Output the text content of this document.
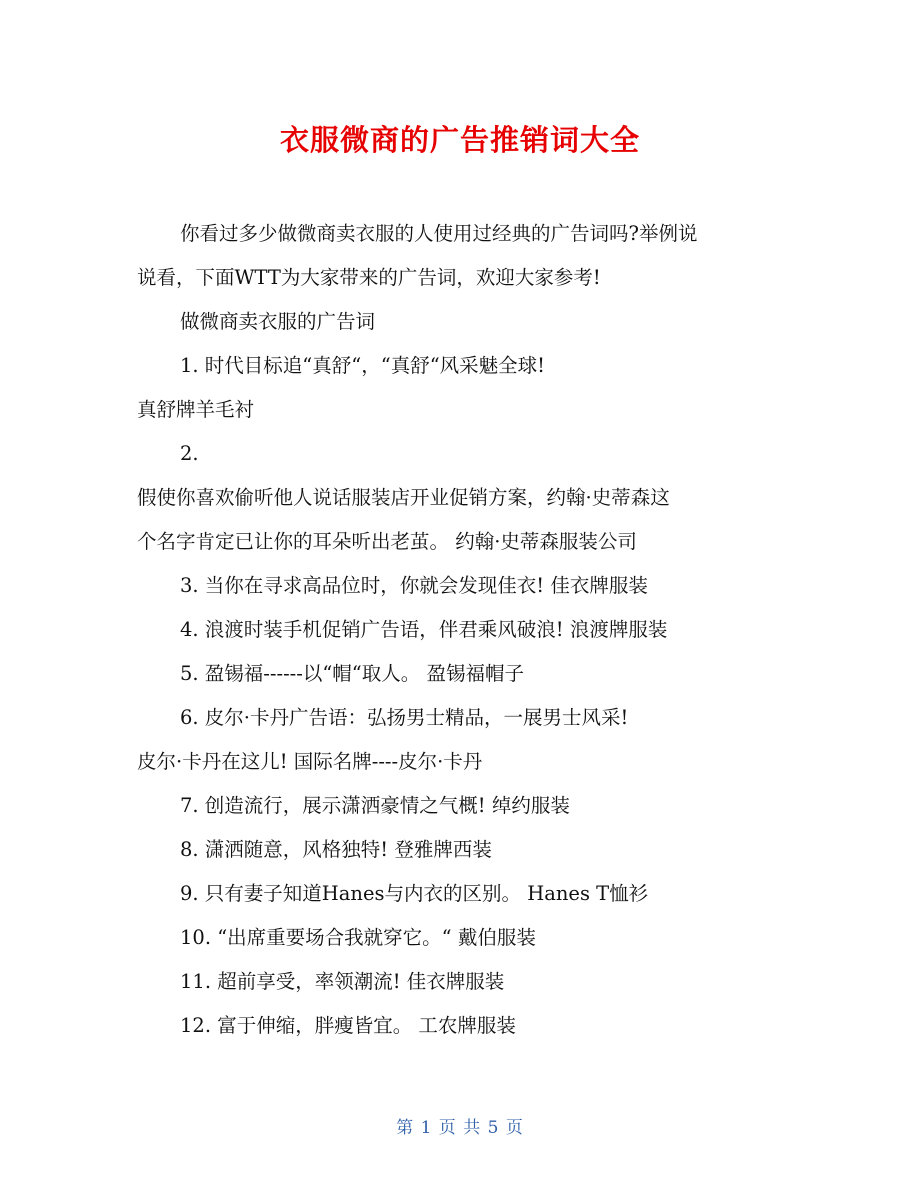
衣服微商的广告推销词大全

你看过多少做微商卖衣服的人使用过经典的广告词吗?举例说

说看，下面WTT为大家带来的广告词，欢迎大家参考!

做微商卖衣服的广告词

1. 时代目标追“真舒“，“真舒“风采魅全球!

真舒牌羊毛衬

2.

假使你喜欢偷听他人说话服装店开业促销方案，约翰·史蒂森这

个名字肯定已让你的耳朵听出老茧。 约翰·史蒂森服装公司

3. 当你在寻求高品位时，你就会发现佳衣! 佳衣牌服装

4. 浪渡时装手机促销广告语，伴君乘风破浪! 浪渡牌服装

5. 盈锡福------以“帽“取人。 盈锡福帽子

6. 皮尔·卡丹广告语：弘扬男士精品，一展男士风采!

皮尔·卡丹在这儿! 国际名牌----皮尔·卡丹

7. 创造流行，展示潇洒豪情之气概! 绰约服装

8. 潇洒随意，风格独特! 登雅牌西装

9. 只有妻子知道Hanes与内衣的区别。 Hanes T恤衫

10. “出席重要场合我就穿它。“ 戴伯服装

11. 超前享受，率领潮流! 佳衣牌服装

12. 富于伸缩，胖瘦皆宜。 工农牌服装

第 1 页 共 5 页
